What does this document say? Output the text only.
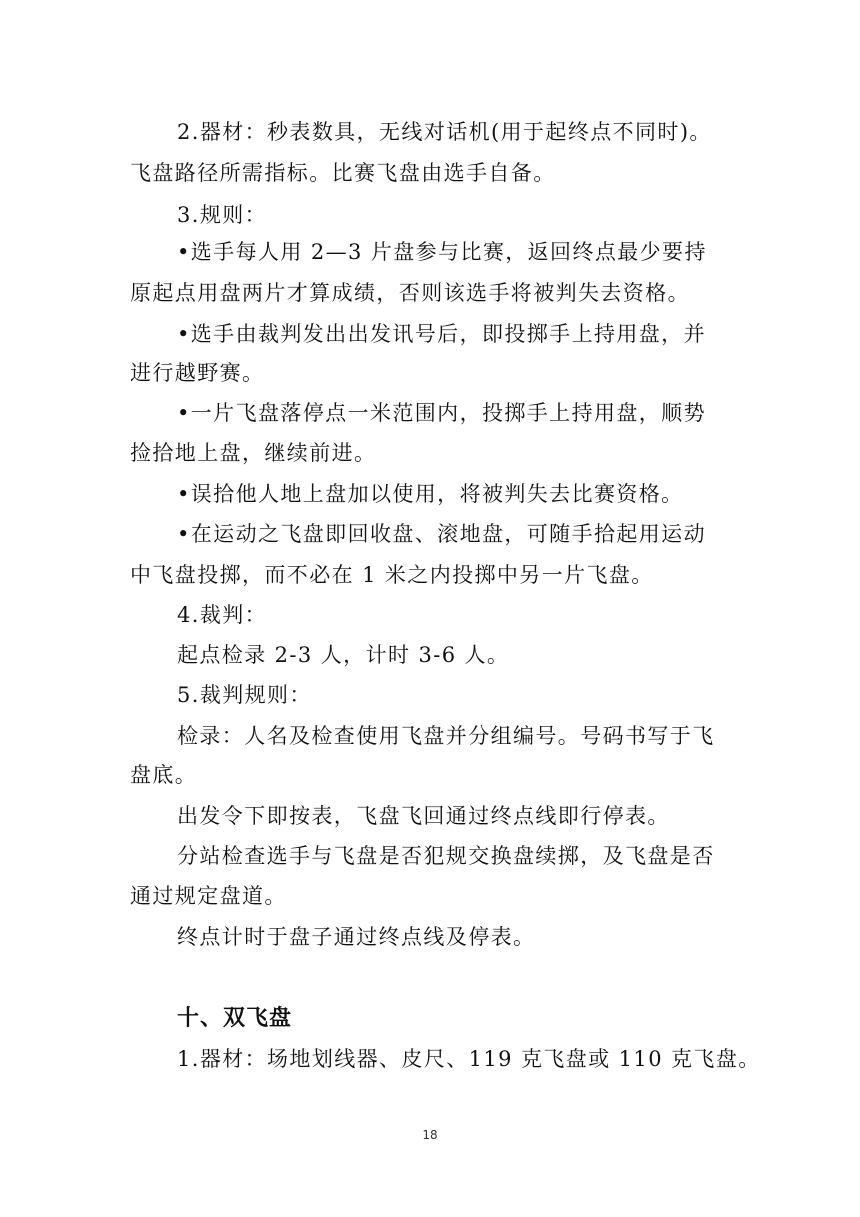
2.器材：秒表数具，无线对话机(用于起终点不同时)。
飞盘路径所需指标。比赛飞盘由选手自备。
3.规则：
•选手每人用 2—3 片盘参与比赛，返回终点最少要持
原起点用盘两片才算成绩，否则该选手将被判失去资格。
•选手由裁判发出出发讯号后，即投掷手上持用盘，并
进行越野赛。
•一片飞盘落停点一米范围内，投掷手上持用盘，顺势
捡拾地上盘，继续前进。
•误拾他人地上盘加以使用，将被判失去比赛资格。
•在运动之飞盘即回收盘、滚地盘，可随手拾起用运动
中飞盘投掷，而不必在 1 米之内投掷中另一片飞盘。
4.裁判：
起点检录 2-3 人，计时 3-6 人。
5.裁判规则：
检录：人名及检查使用飞盘并分组编号。号码书写于飞
盘底。
出发令下即按表，飞盘飞回通过终点线即行停表。
分站检查选手与飞盘是否犯规交换盘续掷，及飞盘是否
通过规定盘道。
终点计时于盘子通过终点线及停表。
十、双飞盘
1.器材：场地划线器、皮尺、119 克飞盘或 110 克飞盘。
18
